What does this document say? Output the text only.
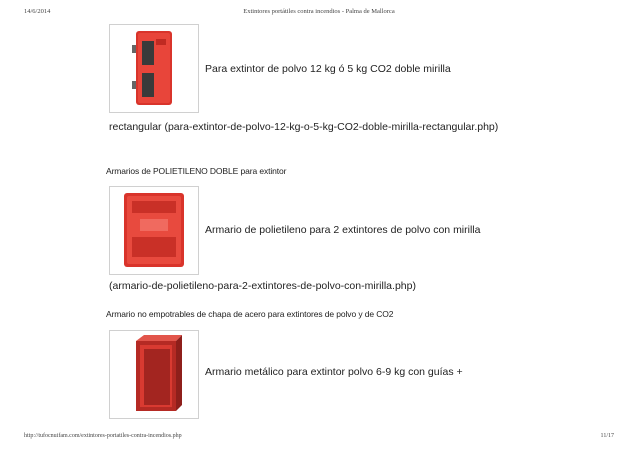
14/6/2014	Extintores portátiles contra incendios - Palma de Mallorca
Para extintor de polvo 12 kg ó 5 kg CO2 doble mirilla
rectangular (para-extintor-de-polvo-12-kg-o-5-kg-CO2-doble-mirilla-rectangular.php)
Armarios de POLIETILENO DOBLE para extintor
Armario de polietileno para 2 extintores de polvo con mirilla
(armario-de-polietileno-para-2-extintores-de-polvo-con-mirilla.php)
Armario no empotrables de chapa de acero para extintores de polvo y de CO2
Armario metálico para extintor polvo 6-9 kg con guías +
http://tufocnuifam.com/extintores-portatiles-contra-incendios.php	11/17
